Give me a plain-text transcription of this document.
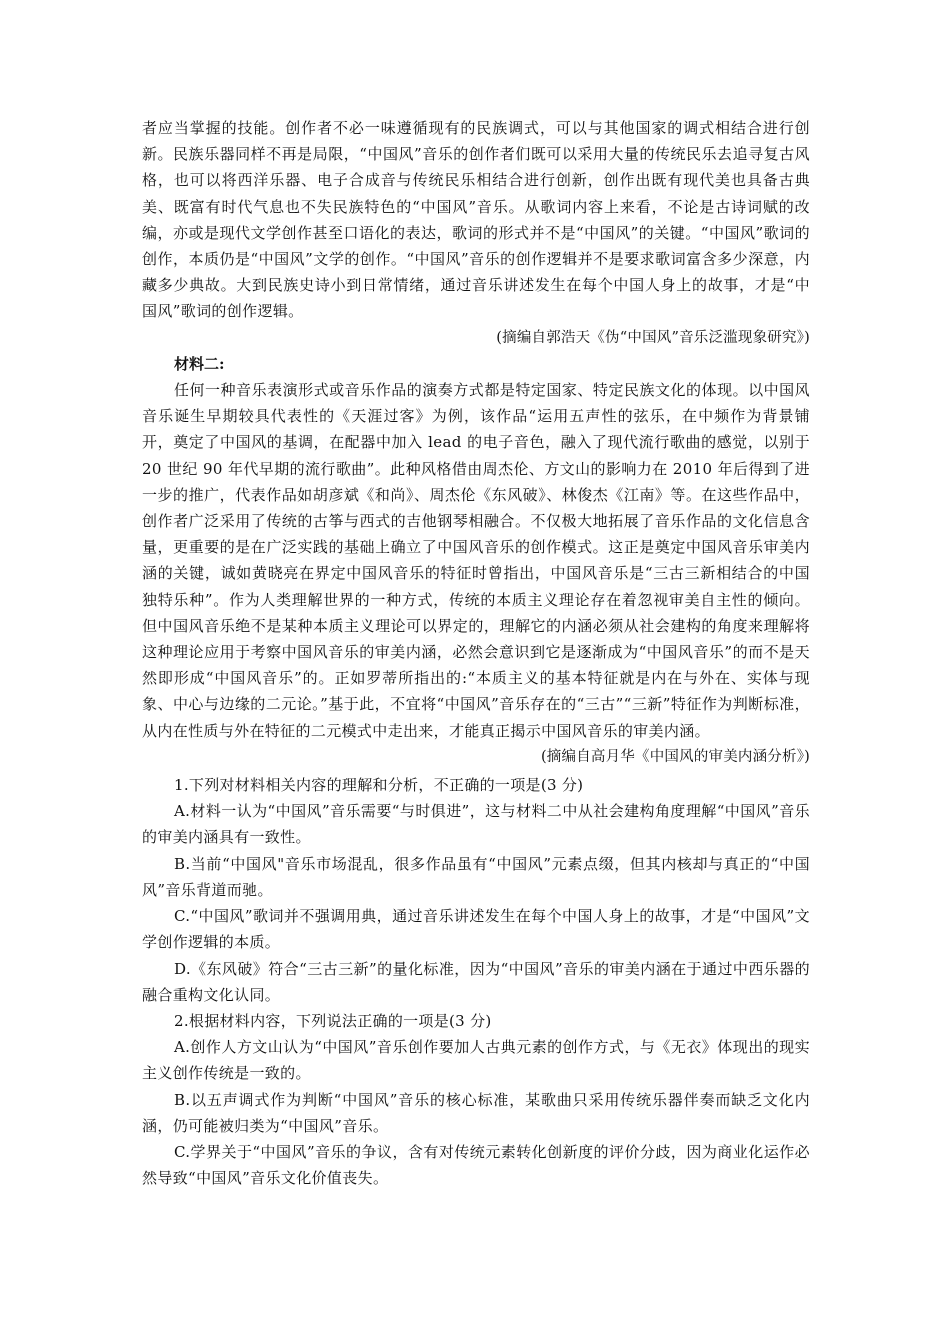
者应当掌握的技能。创作者不必一味遵循现有的民族调式，可以与其他国家的调式相结合进行创新。民族乐器同样不再是局限，“中国风”音乐的创作者们既可以采用大量的传统民乐去追寻复古风格，也可以将西洋乐器、电子合成音与传统民乐相结合进行创新，创作出既有现代美也具备古典美、既富有时代气息也不失民族特色的“中国风”音乐。从歌词内容上来看，不论是古诗词赋的改编，亦或是现代文学创作甚至口语化的表达，歌词的形式并不是“中国风”的关键。“中国风”歌词的创作，本质仍是“中国风”文学的创作。“中国风”音乐的创作逻辑并不是要求歌词富含多少深意，内藏多少典故。大到民族史诗小到日常情绪，通过音乐讲述发生在每个中国人身上的故事，才是“中国风”歌词的创作逻辑。

(摘编自郭浩天《伪“中国风”音乐泛滥现象研究》)

材料二:

任何一种音乐表演形式或音乐作品的演奏方式都是特定国家、特定民族文化的体现。以中国风音乐诞生早期较具代表性的《天涯过客》为例，该作品“运用五声性的弦乐，在中频作为背景铺开，奠定了中国风的基调，在配器中加入 lead 的电子音色，融入了现代流行歌曲的感觉，以别于 20 世纪 90 年代早期的流行歌曲”。此种风格借由周杰伦、方文山的影响力在 2010 年后得到了进一步的推广，代表作品如胡彦斌《和尚》、周杰伦《东风破》、林俊杰《江南》等。在这些作品中，创作者广泛采用了传统的古筝与西式的吉他钢琴相融合。不仅极大地拓展了音乐作品的文化信息含量，更重要的是在广泛实践的基础上确立了中国风音乐的创作模式。这正是奠定中国风音乐审美内涵的关键，诚如黄晓亮在界定中国风音乐的特征时曾指出，中国风音乐是“三古三新相结合的中国独特乐种”。作为人类理解世界的一种方式，传统的本质主义理论存在着忽视审美自主性的倾向。但中国风音乐绝不是某种本质主义理论可以界定的，理解它的内涵必须从社会建构的角度来理解将这种理论应用于考察中国风音乐的审美内涵，必然会意识到它是逐渐成为“中国风音乐”的而不是天然即形成“中国风音乐”的。正如罗蒂所指出的:“本质主义的基本特征就是内在与外在、实体与现象、中心与边缘的二元论。”基于此，不宜将“中国风”音乐存在的“三古”“三新”特征作为判断标准，从内在性质与外在特征的二元模式中走出来，才能真正揭示中国风音乐的审美内涵。

(摘编自高月华《中国风的审美内涵分析》)

1.下列对材料相关内容的理解和分析，不正确的一项是(3 分)

A.材料一认为“中国风”音乐需要“与时俱进”，这与材料二中从社会建构角度理解“中国风”音乐的审美内涵具有一致性。

B.当前“中国风"音乐市场混乱，很多作品虽有“中国风”元素点缀，但其内核却与真正的“中国风”音乐背道而驰。

C.“中国风”歌词并不强调用典，通过音乐讲述发生在每个中国人身上的故事，才是“中国风”文学创作逻辑的本质。

D.《东风破》符合“三古三新”的量化标准，因为“中国风”音乐的审美内涵在于通过中西乐器的融合重构文化认同。

2.根据材料内容，下列说法正确的一项是(3 分)

A.创作人方文山认为“中国风”音乐创作要加人古典元素的创作方式，与《无衣》体现出的现实主义创作传统是一致的。

B.以五声调式作为判断“中国风”音乐的核心标准，某歌曲只采用传统乐器伴奏而缺乏文化内涵，仍可能被归类为“中国风”音乐。

C.学界关于“中国风”音乐的争议，含有对传统元素转化创新度的评价分歧，因为商业化运作必然导致“中国风”音乐文化价值丧失。
